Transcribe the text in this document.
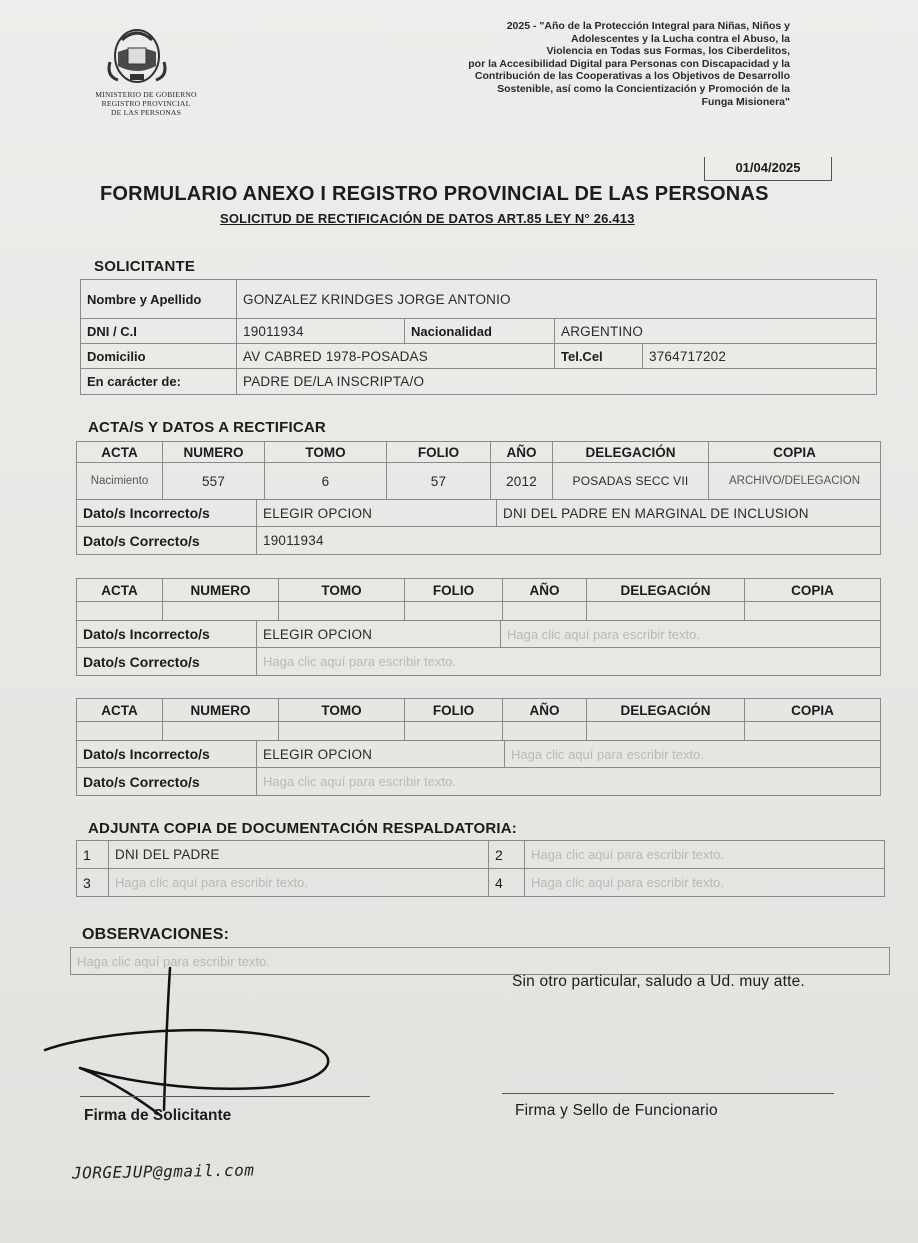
MINISTERIO DE GOBIERNO
REGISTRO PROVINCIAL
DE LAS PERSONAS
2025 - "Año de la Protección Integral para Niñas, Niños y
Adolescentes y la Lucha contra el Abuso, la
Violencia en Todas sus Formas, los Ciberdelitos,
por la Accesibilidad Digital para Personas con Discapacidad y la
Contribución de las Cooperativas a los Objetivos de Desarrollo
Sostenible, así como la Concientización y Promoción de la
Funga Misionera"
01/04/2025
FORMULARIO ANEXO I REGISTRO PROVINCIAL DE LAS PERSONAS
SOLICITUD DE RECTIFICACIÓN DE DATOS ART.85 LEY N° 26.413
SOLICITANTE
Nombre y Apellido	GONZALEZ KRINDGES JORGE ANTONIO			
DNI / C.I	19011934	Nacionalidad	ARGENTINO	
Domicilio	AV CABRED 1978-POSADAS		Tel.Cel	3764717202
En carácter de:	PADRE DE/LA INSCRIPTA/O			
ACTA/S Y DATOS A RECTIFICAR
ACTA	NUMERO	TOMO	FOLIO	AÑO	DELEGACIÓN	COPIA
Nacimiento	557	6	57	2012	POSADAS SECC VII	ARCHIVO/DELEGACION
Dato/s Incorrecto/s	ELEGIR OPCION	DNI DEL PADRE EN MARGINAL DE INCLUSION
Dato/s Correcto/s	19011934	
ACTA	NUMERO	TOMO	FOLIO	AÑO	DELEGACIÓN	COPIA

Dato/s Incorrecto/s	ELEGIR OPCION	Haga clic aquí para escribir texto.
Dato/s Correcto/s	Haga clic aquí para escribir texto.	
ACTA	NUMERO	TOMO	FOLIO	AÑO	DELEGACIÓN	COPIA

Dato/s Incorrecto/s	ELEGIR OPCION	Haga clic aquí para escribir texto.
Dato/s Correcto/s	Haga clic aquí para escribir texto.	
ADJUNTA COPIA DE DOCUMENTACIÓN RESPALDATORIA:
1	DNI DEL PADRE	2	Haga clic aquí para escribir texto.
3	Haga clic aquí para escribir texto.	4	Haga clic aquí para escribir texto.
OBSERVACIONES:
Haga clic aquí para escribir texto.
Sin otro particular, saludo a Ud. muy atte.
Firma de Solicitante	Firma y Sello de Funcionario
JORGEJUP@gmail.com
